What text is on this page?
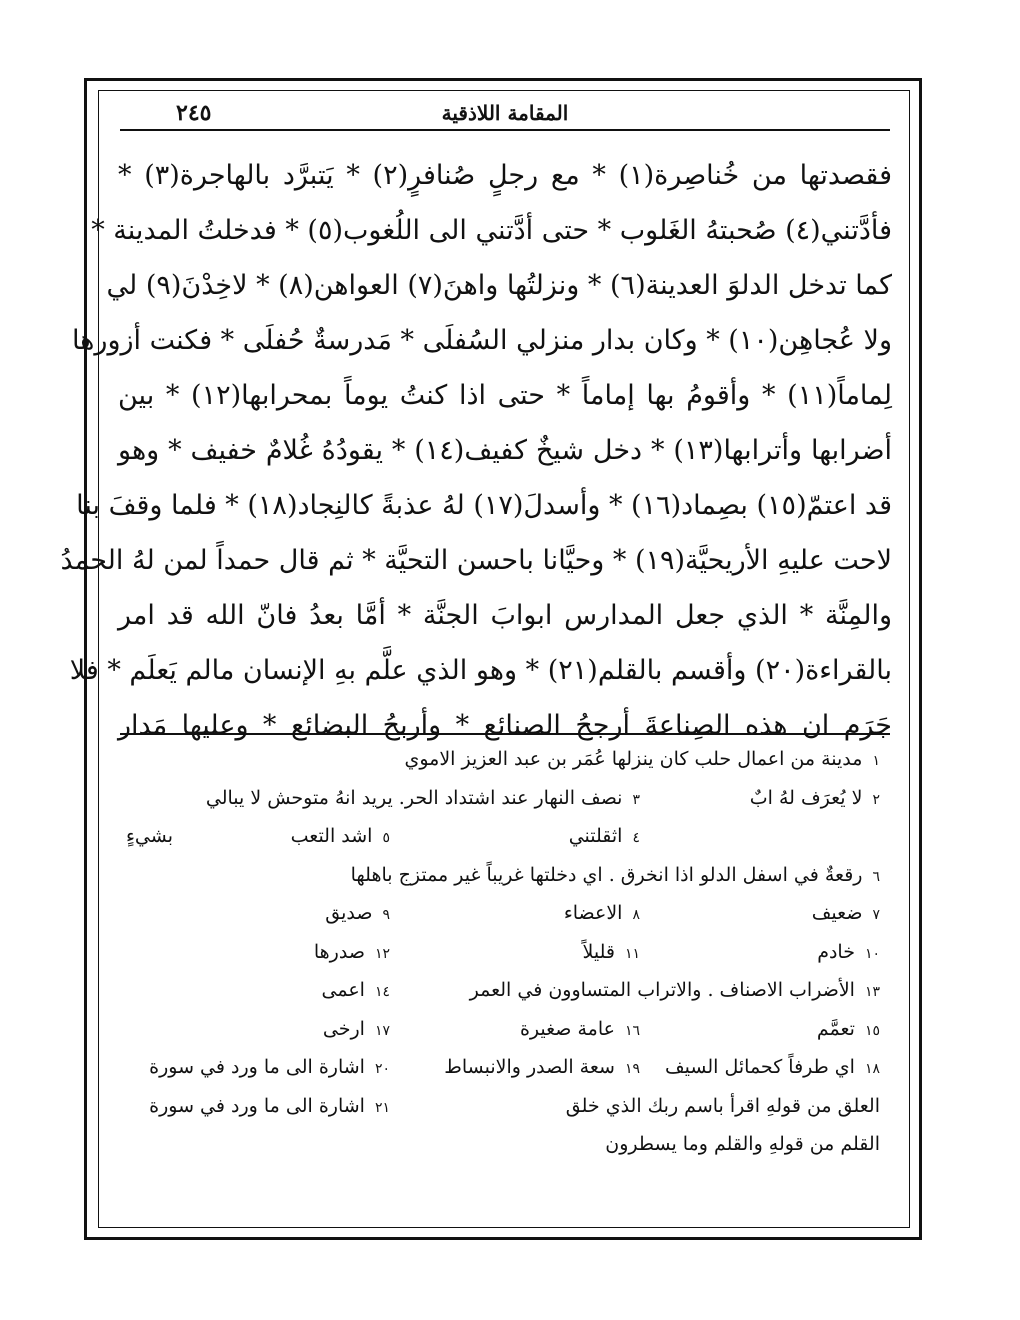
المقامة اللاذقية
٢٤٥
فقصدتها من خُناصِرة(١) * مع رجلٍ صُنافرٍ(٢) * يَتبرَّد بالهاجرة(٣) *
فأدَّتني(٤) صُحبتهُ الغَلوب * حتى أدَّتني الى اللُغوب(٥) * فدخلتُ المدينة *
كما تدخل الدلوَ العدينة(٦) * ونزلتُها واهنَ(٧) العواهن(٨) * لاخِدْنَ(٩) لي
ولا عُجاهِن(١٠) * وكان بدار منزلي السُفلَى * مَدرسةٌ حُفلَى * فكنت أزورها
لِماماً(١١) * وأقومُ بها إماماً * حتى اذا كنتُ يوماً بمحرابها(١٢) * بين
أضرابها وأترابها(١٣) * دخل شيخٌ كفيف(١٤) * يقودُهُ غُلامٌ خفيف * وهو
قد اعتمّ(١٥) بصِماد(١٦) * وأسدلَ(١٧) لهُ عذبةً كالنِجاد(١٨) * فلما وقفَ بنا
لاحت عليهِ الأريحيَّة(١٩) * وحيَّانا باحسن التحيَّة * ثم قال حمداً لمن لهُ الحمدُ
والمِنَّة * الذي جعل المدارس ابوابَ الجنَّة * أمَّا بعدُ فانّ الله قد امر
بالقراءة(٢٠) وأقسم بالقلم(٢١) * وهو الذي علَّم بهِ الإنسان مالم يَعلَم * فلا
جَرَم ان هذه الصِناعةَ أرجحُ الصنائع * وأربحُ البضائع * وعليها مَدار
١مدينة من اعمال حلب كان ينزلها عُمَر بن عبد العزيز الاموي
٢لا يُعرَف لهُ ابٌ
٣نصف النهار عند اشتداد الحر. يريد انهُ متوحش لا يبالي
٤اثقلتني
٥اشد التعب
بشيءٍ
٦رقعةٌ في اسفل الدلو اذا انخرق . اي دخلتها غريباً غير ممتزج باهلها
٧ضعيف
٨الاعضاء
٩صديق
١٠خادم
١١قليلاً
١٢صدرها
١٣الأضراب الاصناف . والاتراب المتساوون في العمر
١٤اعمى
١٥تعمَّم
١٦عامة صغيرة
١٧ارخى
١٨اي طرفاً كحمائل السيف
١٩سعة الصدر والانبساط
٢٠اشارة الى ما ورد في سورة
العلق من قولهِ اقرأ باسم ربك الذي خلق
٢١اشارة الى ما ورد في سورة
القلم من قولهِ والقلم وما يسطرون
